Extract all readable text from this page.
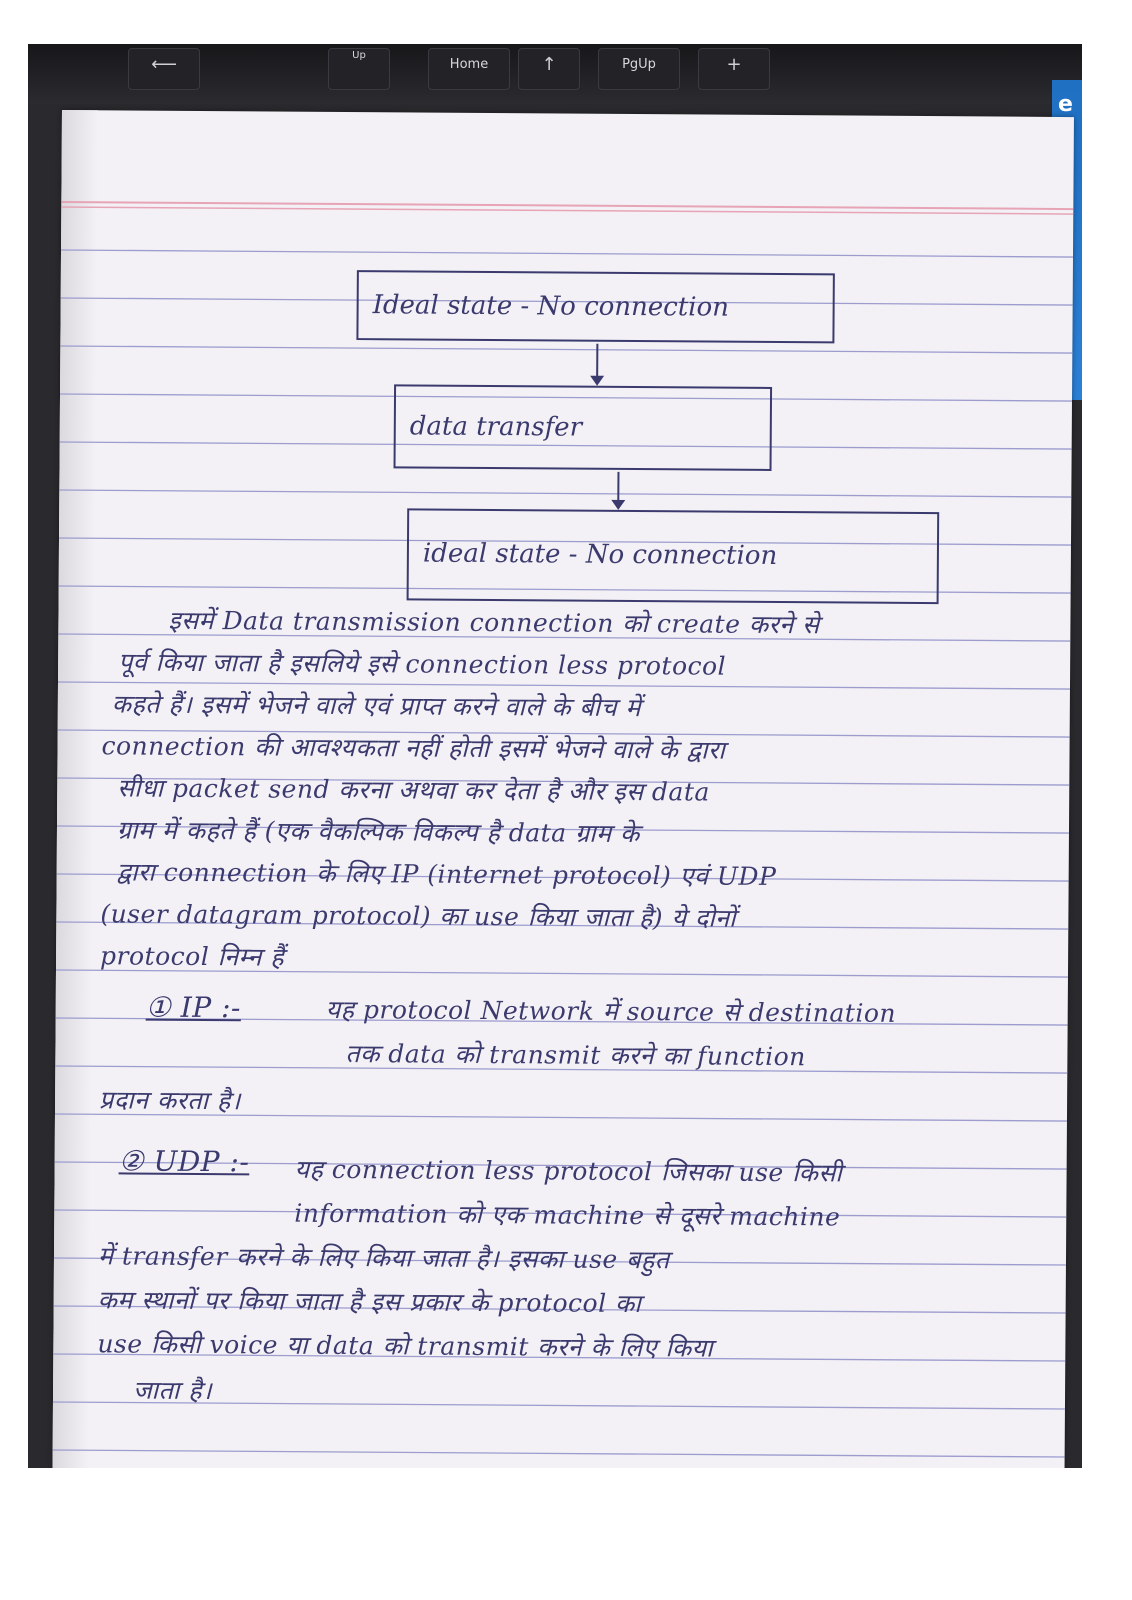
⟵	Up
Home	↑	PgUp	+
e
Ideal state - No connection
data transfer
ideal state - No connection
इसमें Data transmission connection को create करने से
पूर्व किया जाता है इसलिये इसे connection less protocol
कहते हैं। इसमें भेजने वाले एवं प्राप्त करने वाले के बीच में
connection की आवश्यकता नहीं होती इसमें भेजने वाले के द्वारा
सीधा packet send करना अथवा कर देता है और इस data
ग्राम में कहते हैं (एक वैकल्पिक विकल्प है data ग्राम के
द्वारा connection के लिए IP (internet protocol) एवं UDP
(user datagram protocol) का use किया जाता है) ये दोनों
protocol निम्न हैं
① IP :-	यह protocol Network में source से destination
तक data को transmit करने का function
प्रदान करता है।
② UDP :- यह connection less protocol जिसका use किसी
information को एक machine से दूसरे machine
में transfer करने के लिए किया जाता है। इसका use बहुत
कम स्थानों पर किया जाता है इस प्रकार के protocol का
use किसी voice या data को transmit करने के लिए किया
जाता है।
